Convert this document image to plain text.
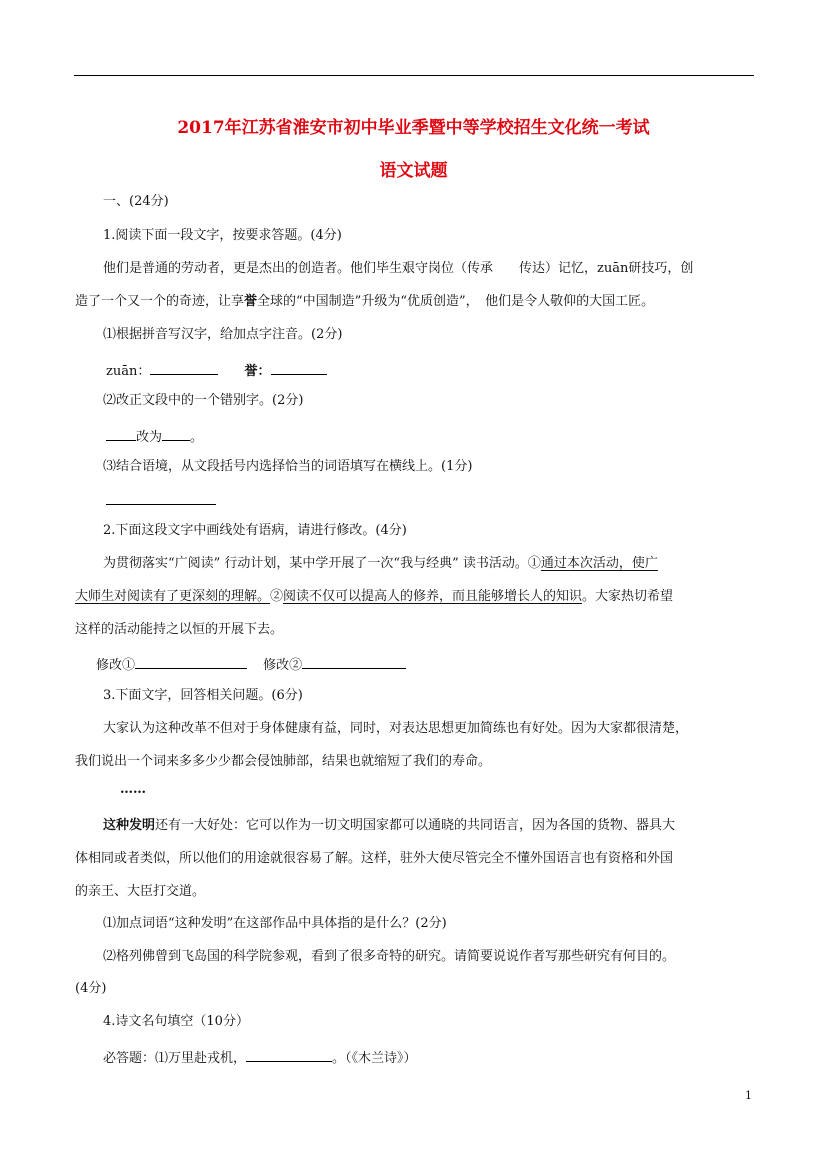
2017年江苏省淮安市初中毕业季暨中等学校招生文化统一考试
语文试题
一、(24分)
1.阅读下面一段文字，按要求答题。(4分)
他们是普通的劳动者，更是杰出的创造者。他们毕生艰守岗位（传承　　传达）记忆，zuān研技巧，创
造了一个又一个的奇迹，让享誉全球的“中国制造”升级为“优质创造”，　他们是令人敬仰的大国工匠。
⑴根据拼音写汉字，给加点字注音。(2分)
zuān：	誉：
⑵改正文段中的一个错别字。(2分)
改为 。
⑶结合语境，从文段括号内选择恰当的词语填写在横线上。(1分)
2.下面这段文字中画线处有语病，请进行修改。(4分)
为贯彻落实“广阅读” 行动计划，某中学开展了一次“我与经典” 读书活动。①通过本次活动，使广
大师生对阅读有了更深刻的理解。②阅读不仅可以提高人的修养，而且能够增长人的知识。大家热切希望
这样的活动能持之以恒的开展下去。
修改①	修改②
3.下面文字，回答相关问题。(6分)
大家认为这种改革不但对于身体健康有益，同时，对表达思想更加简练也有好处。因为大家都很清楚，
我们说出一个词来多多少少都会侵蚀肺部，结果也就缩短了我们的寿命。
……
这种发明还有一大好处：它可以作为一切文明国家都可以通晓的共同语言，因为各国的货物、器具大
体相同或者类似，所以他们的用途就很容易了解。这样，驻外大使尽管完全不懂外国语言也有资格和外国
的亲王、大臣打交道。
⑴加点词语“这种发明”在这部作品中具体指的是什么？(2分)
⑵格列佛曾到飞岛国的科学院参观，看到了很多奇特的研究。请简要说说作者写那些研究有何目的。
(4分)
4.诗文名句填空（10分）
必答题：⑴万里赴戎机，	。（《木兰诗》）
1
